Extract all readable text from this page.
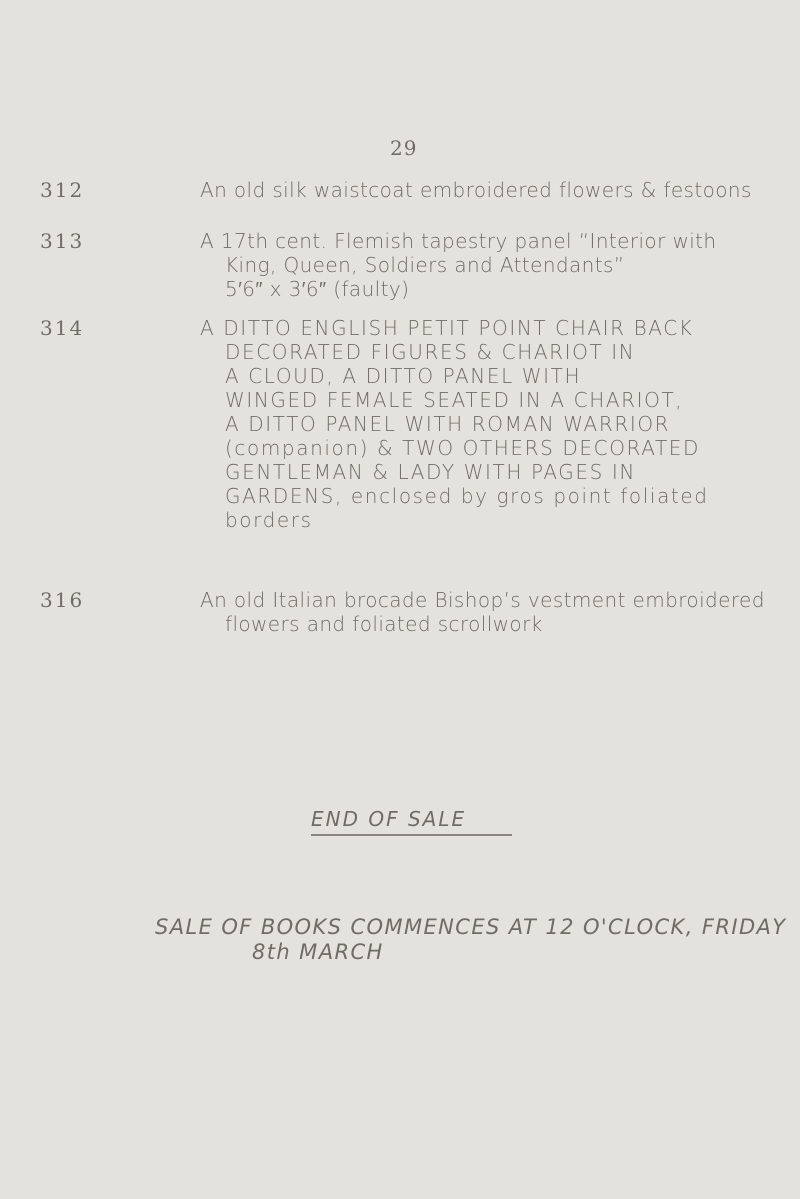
29
312	An old silk waistcoat embroidered flowers & festoons
313	A 17th cent. Flemish tapestry panel “Interior with
King, Queen, Soldiers and Attendants”
5′6″ x 3′6″ (faulty)
314	A DITTO ENGLISH PETIT POINT CHAIR BACK
DECORATED FIGURES & CHARIOT IN
A CLOUD, A DITTO PANEL WITH
WINGED FEMALE SEATED IN A CHARIOT,
A DITTO PANEL WITH ROMAN WARRIOR
(companion) & TWO OTHERS DECORATED
GENTLEMAN & LADY WITH PAGES IN
GARDENS, enclosed by gros point foliated
borders
316	An old Italian brocade Bishop’s vestment embroidered
flowers and foliated scrollwork
END OF SALE
SALE OF BOOKS COMMENCES AT 12 O'CLOCK, FRIDAY
8th MARCH
